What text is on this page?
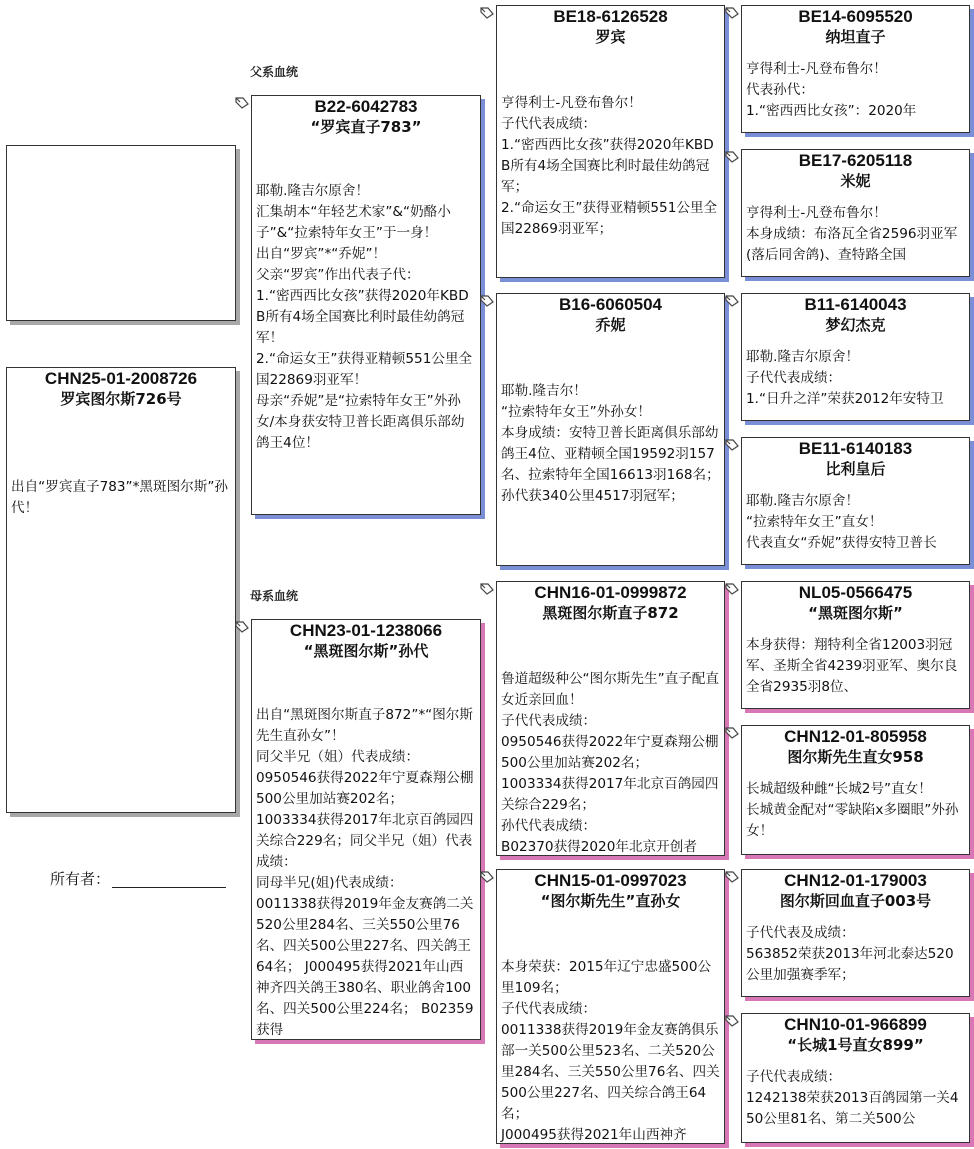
父系血统
母系血统
CHN25-01-2008726
罗宾图尔斯726号
出自“罗宾直子783”*黑斑图尔斯”孙代！
所有者：
B22-6042783
“罗宾直子783”
耶勒.隆吉尔原舍！
汇集胡本“年轻艺术家”&“奶酪小子”&“拉索特年女王”于一身！
出自“罗宾”*“乔妮”！
父亲“罗宾”作出代表子代：
1.“密西西比女孩”获得2020年KBDB所有4场全国赛比利时最佳幼鸽冠军！
2.“命运女王”获得亚精顿551公里全国22869羽亚军！
母亲“乔妮”是“拉索特年女王”外孙女/本身获安特卫普长距离俱乐部幼鸽王4位！
CHN23-01-1238066
“黑斑图尔斯”孙代
出自“黑斑图尔斯直子872”*“图尔斯先生直孙女”！
同父半兄（姐）代表成绩：
0950546获得2022年宁夏森翔公棚500公里加站赛202名；
1003334获得2017年北京百鸽园四关综合229名；同父半兄（姐）代表成绩：
同母半兄(姐)代表成绩：
0011338获得2019年金友赛鸽二关520公里284名、三关550公里76名、四关500公里227名、四关鸽王64名； J000495获得2021年山西神齐四关鸽王380名、职业鸽舍100名、四关500公里224名； B02359获得
BE18-6126528
罗宾
亨得利士-凡登布鲁尔！
子代代表成绩：
1.“密西西比女孩”获得2020年KBDB所有4场全国赛比利时最佳幼鸽冠军；
2.“命运女王”获得亚精顿551公里全国22869羽亚军；
B16-6060504
乔妮
耶勒.隆吉尔！
“拉索特年女王”外孙女！
本身成绩：安特卫普长距离俱乐部幼鸽王4位、亚精顿全国19592羽157名、拉索特年全国16613羽168名；
孙代获340公里4517羽冠军；
CHN16-01-0999872
黑斑图尔斯直子872
鲁道超级种公“图尔斯先生”直子配直女近亲回血！
子代代表成绩：
0950546获得2022年宁夏森翔公棚500公里加站赛202名；
1003334获得2017年北京百鸽园四关综合229名；
孙代代表成绩：
B02370获得2020年北京开创者
CHN15-01-0997023
“图尔斯先生”直孙女
本身荣获：2015年辽宁忠盛500公里109名；
子代代表成绩：
0011338获得2019年金友赛鸽俱乐部一关500公里523名、二关520公里284名、三关550公里76名、四关500公里227名、四关综合鸽王64名；
J000495获得2021年山西神齐
BE14-6095520
纳坦直子
亨得利士-凡登布鲁尔！
代表孙代：
1.“密西西比女孩”：2020年
BE17-6205118
米妮
亨得利士-凡登布鲁尔！
本身成绩：布洛瓦全省2596羽亚军(落后同舍鸽)、查特路全国
B11-6140043
梦幻杰克
耶勒.隆吉尔原舍！
子代代表成绩：
1.“日升之洋”荣获2012年安特卫
BE11-6140183
比利皇后
耶勒.隆吉尔原舍！
“拉索特年女王”直女！
代表直女“乔妮”获得安特卫普长
NL05-0566475
“黑斑图尔斯”
本身获得：翔特利全省12003羽冠军、圣斯全省4239羽亚军、奥尔良全省2935羽8位、
CHN12-01-805958
图尔斯先生直女958
长城超级种雌“长城2号”直女！
长城黄金配对“零缺陷x多圈眼”外孙女！
CHN12-01-179003
图尔斯回血直子003号
子代代表及成绩：
563852荣获2013年河北泰达520公里加强赛季军；
CHN10-01-966899
“长城1号直女899”
子代代表成绩：
1242138荣获2013百鸽园第一关450公里81名、第二关500公
